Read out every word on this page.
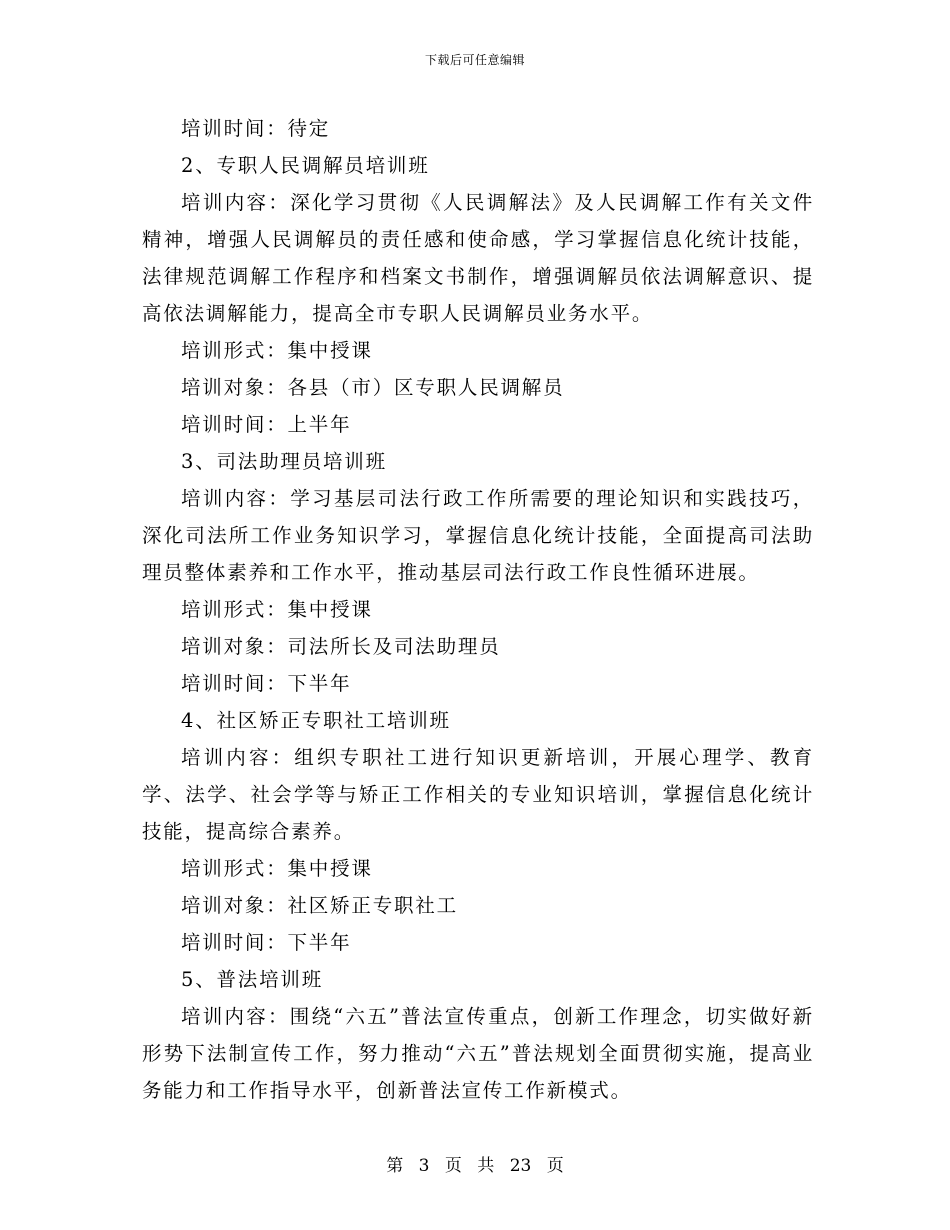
下载后可任意编辑

培训时间：待定

2、专职人民调解员培训班

培训内容：深化学习贯彻《人民调解法》及人民调解工作有关文件精神，增强人民调解员的责任感和使命感，学习掌握信息化统计技能，法律规范调解工作程序和档案文书制作，增强调解员依法调解意识、提高依法调解能力，提高全市专职人民调解员业务水平。

培训形式：集中授课

培训对象：各县（市）区专职人民调解员

培训时间：上半年

3、司法助理员培训班

培训内容：学习基层司法行政工作所需要的理论知识和实践技巧，深化司法所工作业务知识学习，掌握信息化统计技能，全面提高司法助理员整体素养和工作水平，推动基层司法行政工作良性循环进展。

培训形式：集中授课

培训对象：司法所长及司法助理员

培训时间：下半年

4、社区矫正专职社工培训班

培训内容：组织专职社工进行知识更新培训，开展心理学、教育学、法学、社会学等与矫正工作相关的专业知识培训，掌握信息化统计技能，提高综合素养。

培训形式：集中授课

培训对象：社区矫正专职社工

培训时间：下半年

5、普法培训班

培训内容：围绕“六五”普法宣传重点，创新工作理念，切实做好新形势下法制宣传工作，努力推动“六五”普法规划全面贯彻实施，提高业务能力和工作指导水平，创新普法宣传工作新模式。

第 3 页 共 23 页
